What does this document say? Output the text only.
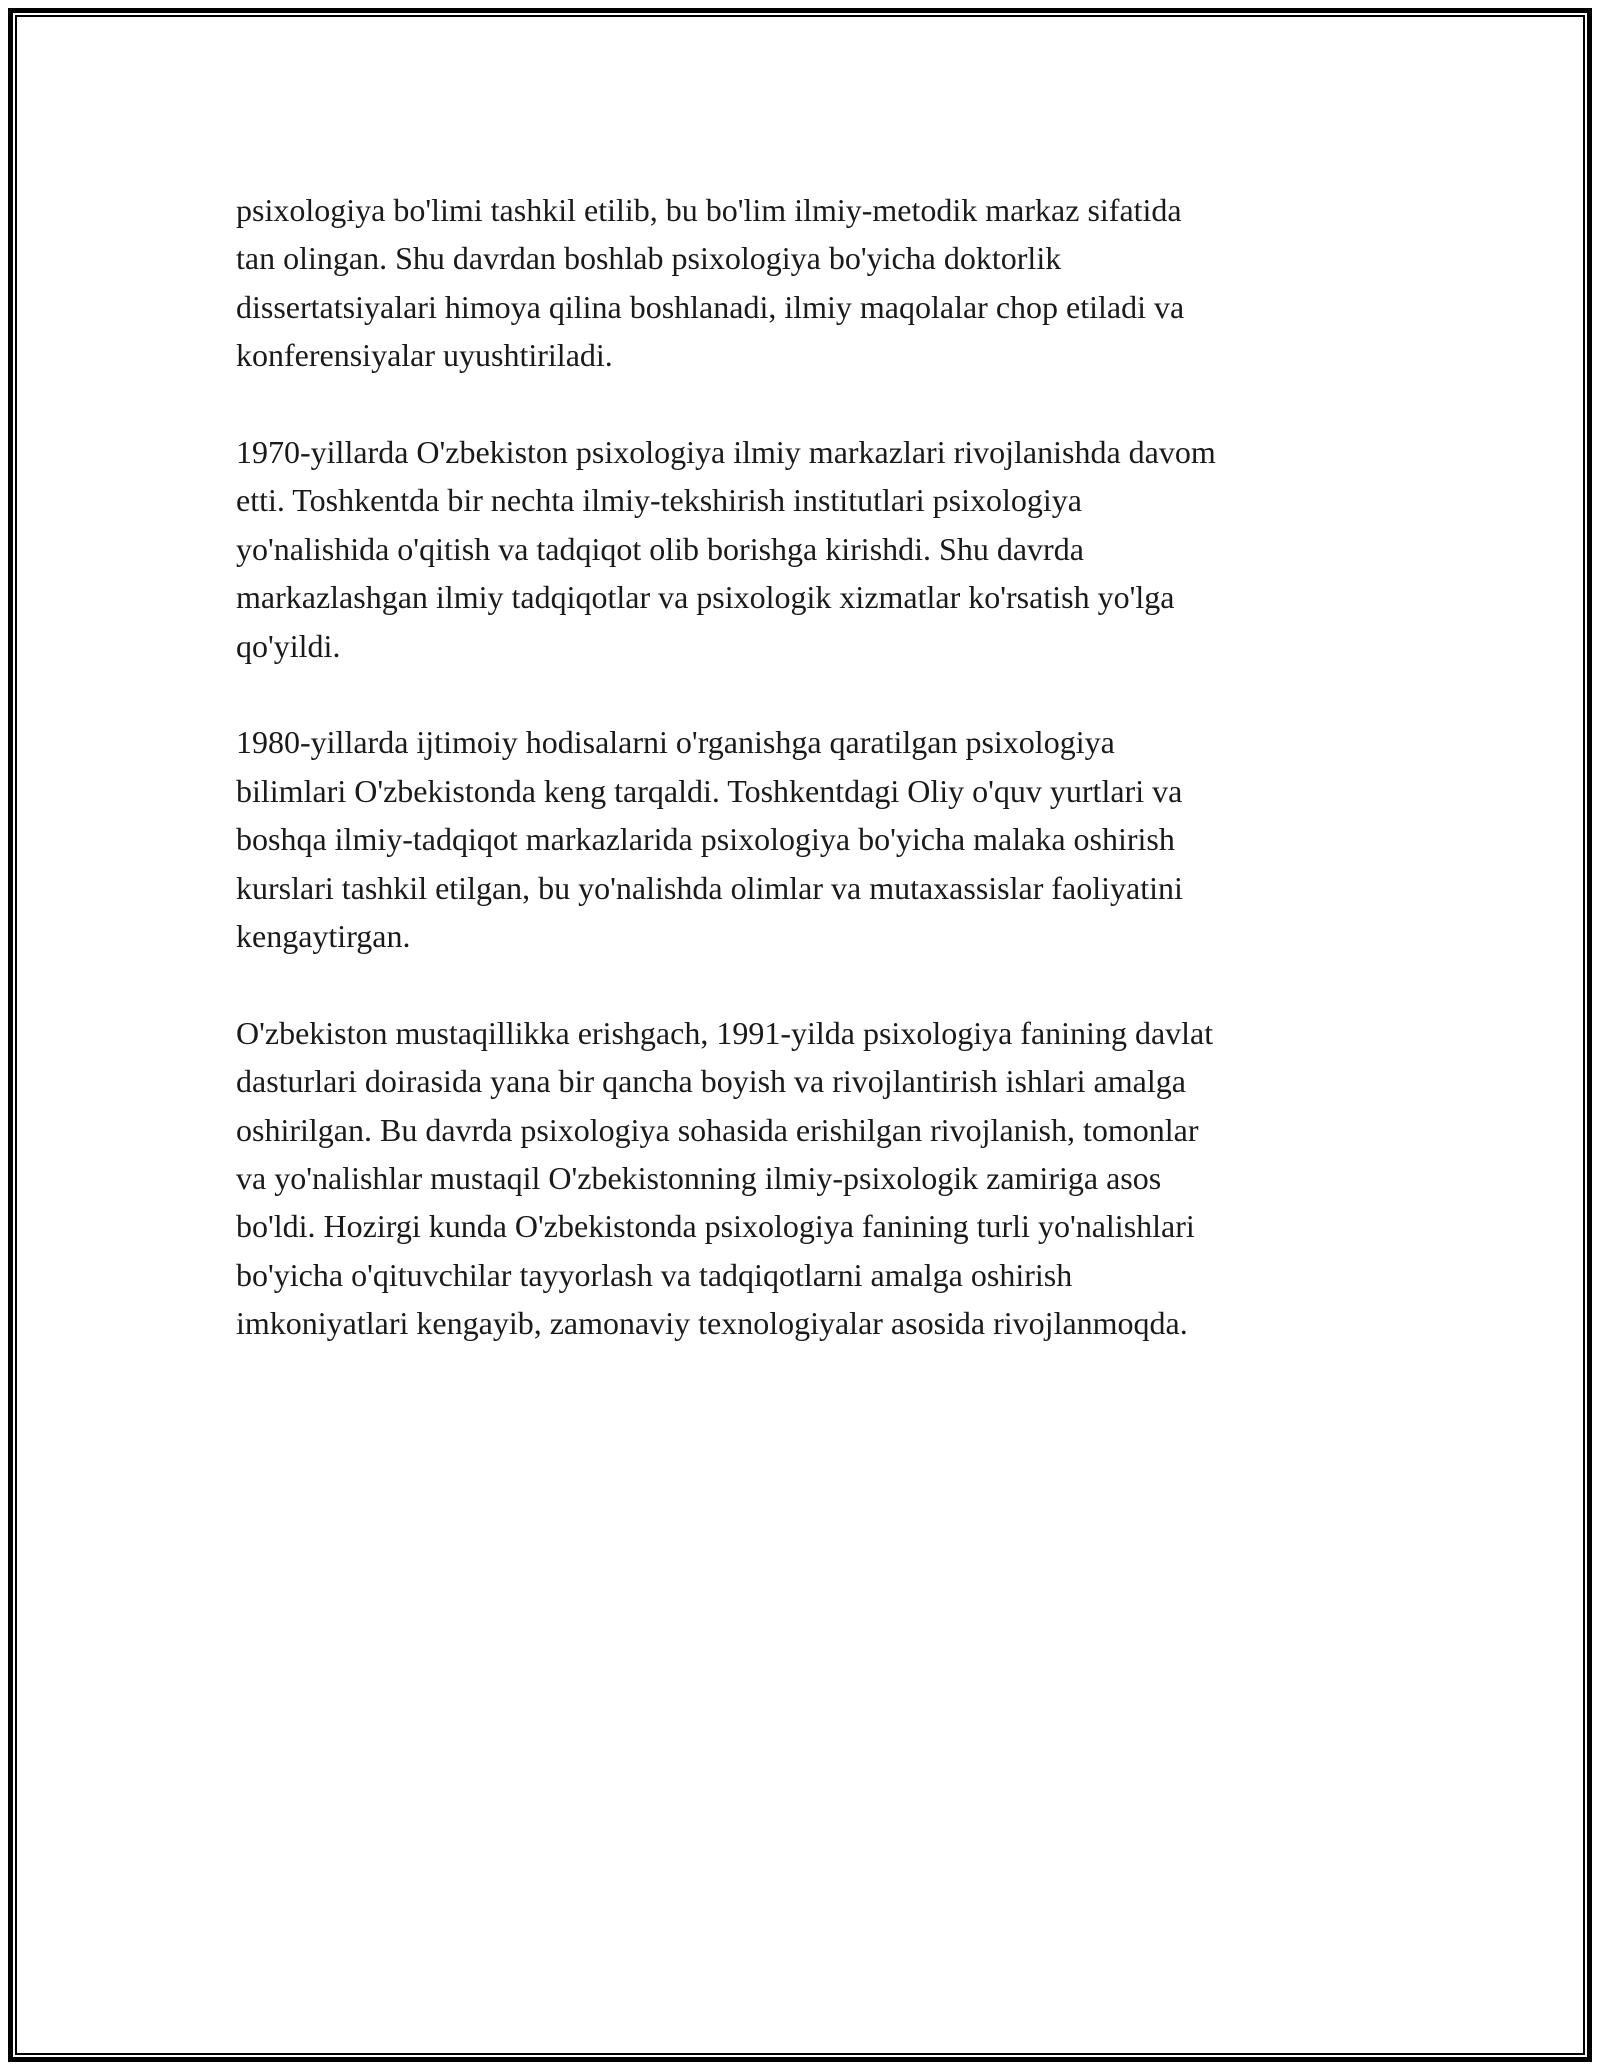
psixologiya bo'limi tashkil etilib, bu bo'lim ilmiy-metodik markaz sifatida
tan olingan. Shu davrdan boshlab psixologiya bo'yicha doktorlik
dissertatsiyalari himoya qilina boshlanadi, ilmiy maqolalar chop etiladi va
konferensiyalar uyushtiriladi.

1970-yillarda O'zbekiston psixologiya ilmiy markazlari rivojlanishda davom
etti. Toshkentda bir nechta ilmiy-tekshirish institutlari psixologiya
yo'nalishida o'qitish va tadqiqot olib borishga kirishdi. Shu davrda
markazlashgan ilmiy tadqiqotlar va psixologik xizmatlar ko'rsatish yo'lga
qo'yildi.

1980-yillarda ijtimoiy hodisalarni o'rganishga qaratilgan psixologiya
bilimlari O'zbekistonda keng tarqaldi. Toshkentdagi Oliy o'quv yurtlari va
boshqa ilmiy-tadqiqot markazlarida psixologiya bo'yicha malaka oshirish
kurslari tashkil etilgan, bu yo'nalishda olimlar va mutaxassislar faoliyatini
kengaytirgan.

O'zbekiston mustaqillikka erishgach, 1991-yilda psixologiya fanining davlat
dasturlari doirasida yana bir qancha boyish va rivojlantirish ishlari amalga
oshirilgan. Bu davrda psixologiya sohasida erishilgan rivojlanish, tomonlar
va yo'nalishlar mustaqil O'zbekistonning ilmiy-psixologik zamiriga asos
bo'ldi. Hozirgi kunda O'zbekistonda psixologiya fanining turli yo'nalishlari
bo'yicha o'qituvchilar tayyorlash va tadqiqotlarni amalga oshirish
imkoniyatlari kengayib, zamonaviy texnologiyalar asosida rivojlanmoqda.
